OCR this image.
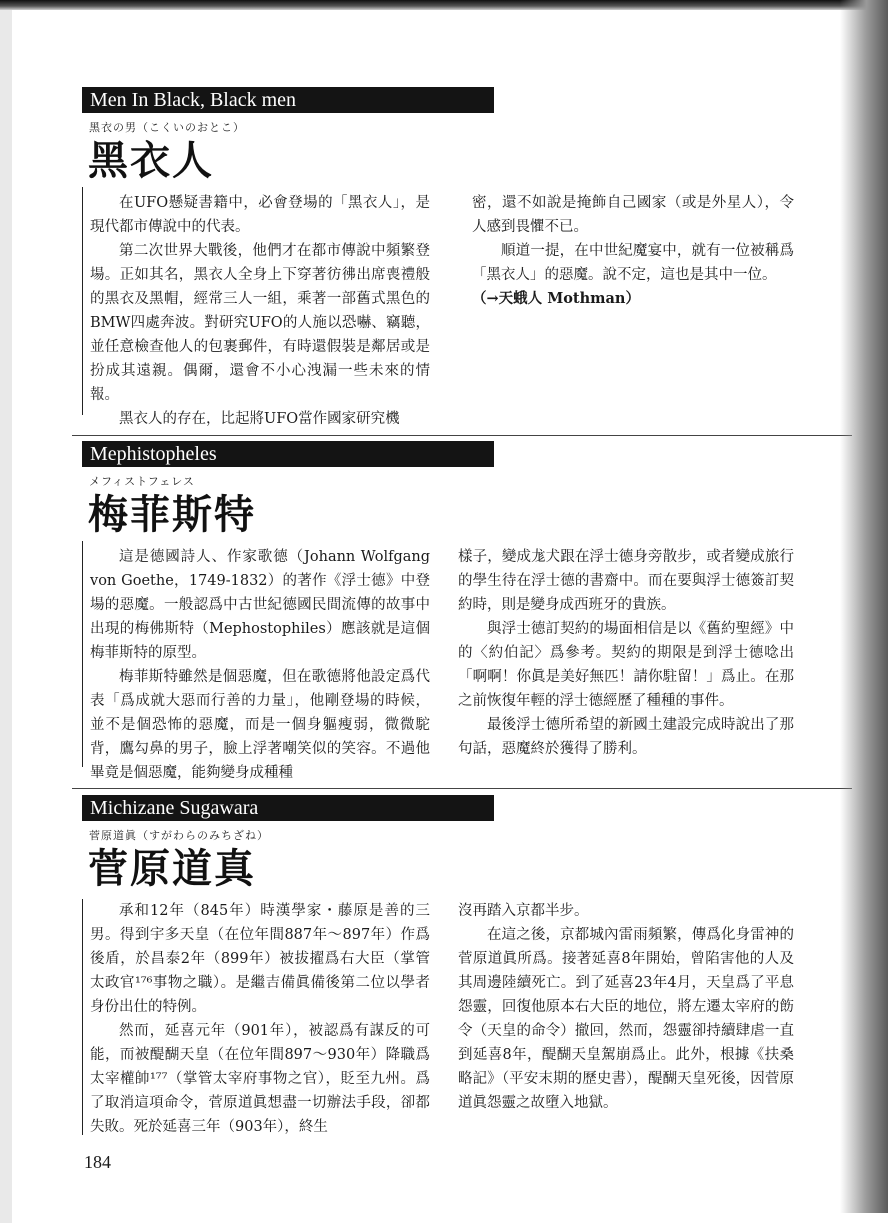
Men In Black, Black men
黑衣の男（こくいのおとこ）
黑衣人

在UFO懸疑書籍中，必會登場的「黑衣人」，是現代都市傳說中的代表。

第二次世界大戰後，他們才在都市傳說中頻繁登場。正如其名，黑衣人全身上下穿著彷彿出席喪禮般的黑衣及黑帽，經常三人一組，乘著一部舊式黑色的BMW四處奔波。對研究UFO的人施以恐嚇、竊聽，並任意檢查他人的包裹郵件，有時還假裝是鄰居或是扮成其遠親。偶爾，還會不小心洩漏一些未來的情報。

黑衣人的存在，比起將UFO當作國家研究機

密，還不如說是掩飾自己國家（或是外星人），令人感到畏懼不已。

順道一提，在中世紀魔宴中，就有一位被稱爲「黑衣人」的惡魔。說不定，這也是其中一位。

（→天蛾人 Mothman）

Mephistopheles
メフィストフェレス
梅菲斯特

這是德國詩人、作家歌德（Johann Wolfgang von Goethe，1749-1832）的著作《浮士德》中登場的惡魔。一般認爲中古世紀德國民間流傳的故事中出現的梅佛斯特（Mephostophiles）應該就是這個梅菲斯特的原型。

梅菲斯特雖然是個惡魔，但在歌德將他設定爲代表「爲成就大惡而行善的力量」，他剛登場的時候，並不是個恐怖的惡魔，而是一個身軀瘦弱，微微駝背，鷹勾鼻的男子，臉上浮著嘲笑似的笑容。不過他畢竟是個惡魔，能夠變身成種種

樣子，變成尨犬跟在浮士德身旁散步，或者變成旅行的學生待在浮士德的書齋中。而在要與浮士德簽訂契約時，則是變身成西班牙的貴族。

與浮士德訂契約的場面相信是以《舊約聖經》中的〈約伯記〉爲參考。契約的期限是到浮士德唸出「啊啊！你眞是美好無匹！請你駐留！」爲止。在那之前恢復年輕的浮士德經歷了種種的事件。

最後浮士德所希望的新國土建設完成時說出了那句話，惡魔終於獲得了勝利。

Michizane Sugawara
菅原道眞（すがわらのみちざね）
菅原道真

承和12年（845年）時漢學家・藤原是善的三男。得到宇多天皇（在位年間887年～897年）作爲後盾，於昌泰2年（899年）被拔擢爲右大臣（掌管太政官¹⁷⁶事物之職）。是繼吉備眞備後第二位以學者身份出仕的特例。

然而，延喜元年（901年），被認爲有謀反的可能，而被醍醐天皇（在位年間897～930年）降職爲太宰權帥¹⁷⁷（掌管太宰府事物之官），貶至九州。爲了取消這項命令，菅原道眞想盡一切辦法手段，卻都失敗。死於延喜三年（903年），終生

沒再踏入京都半步。

在這之後，京都城內雷雨頻繁，傳爲化身雷神的菅原道眞所爲。接著延喜8年開始，曾陷害他的人及其周邊陸續死亡。到了延喜23年4月，天皇爲了平息怨靈，回復他原本右大臣的地位，將左遷太宰府的飭令（天皇的命令）撤回，然而，怨靈卻持續肆虐一直到延喜8年，醍醐天皇駕崩爲止。此外，根據《扶桑略記》（平安末期的歷史書），醍醐天皇死後，因菅原道眞怨靈之故墮入地獄。

184
